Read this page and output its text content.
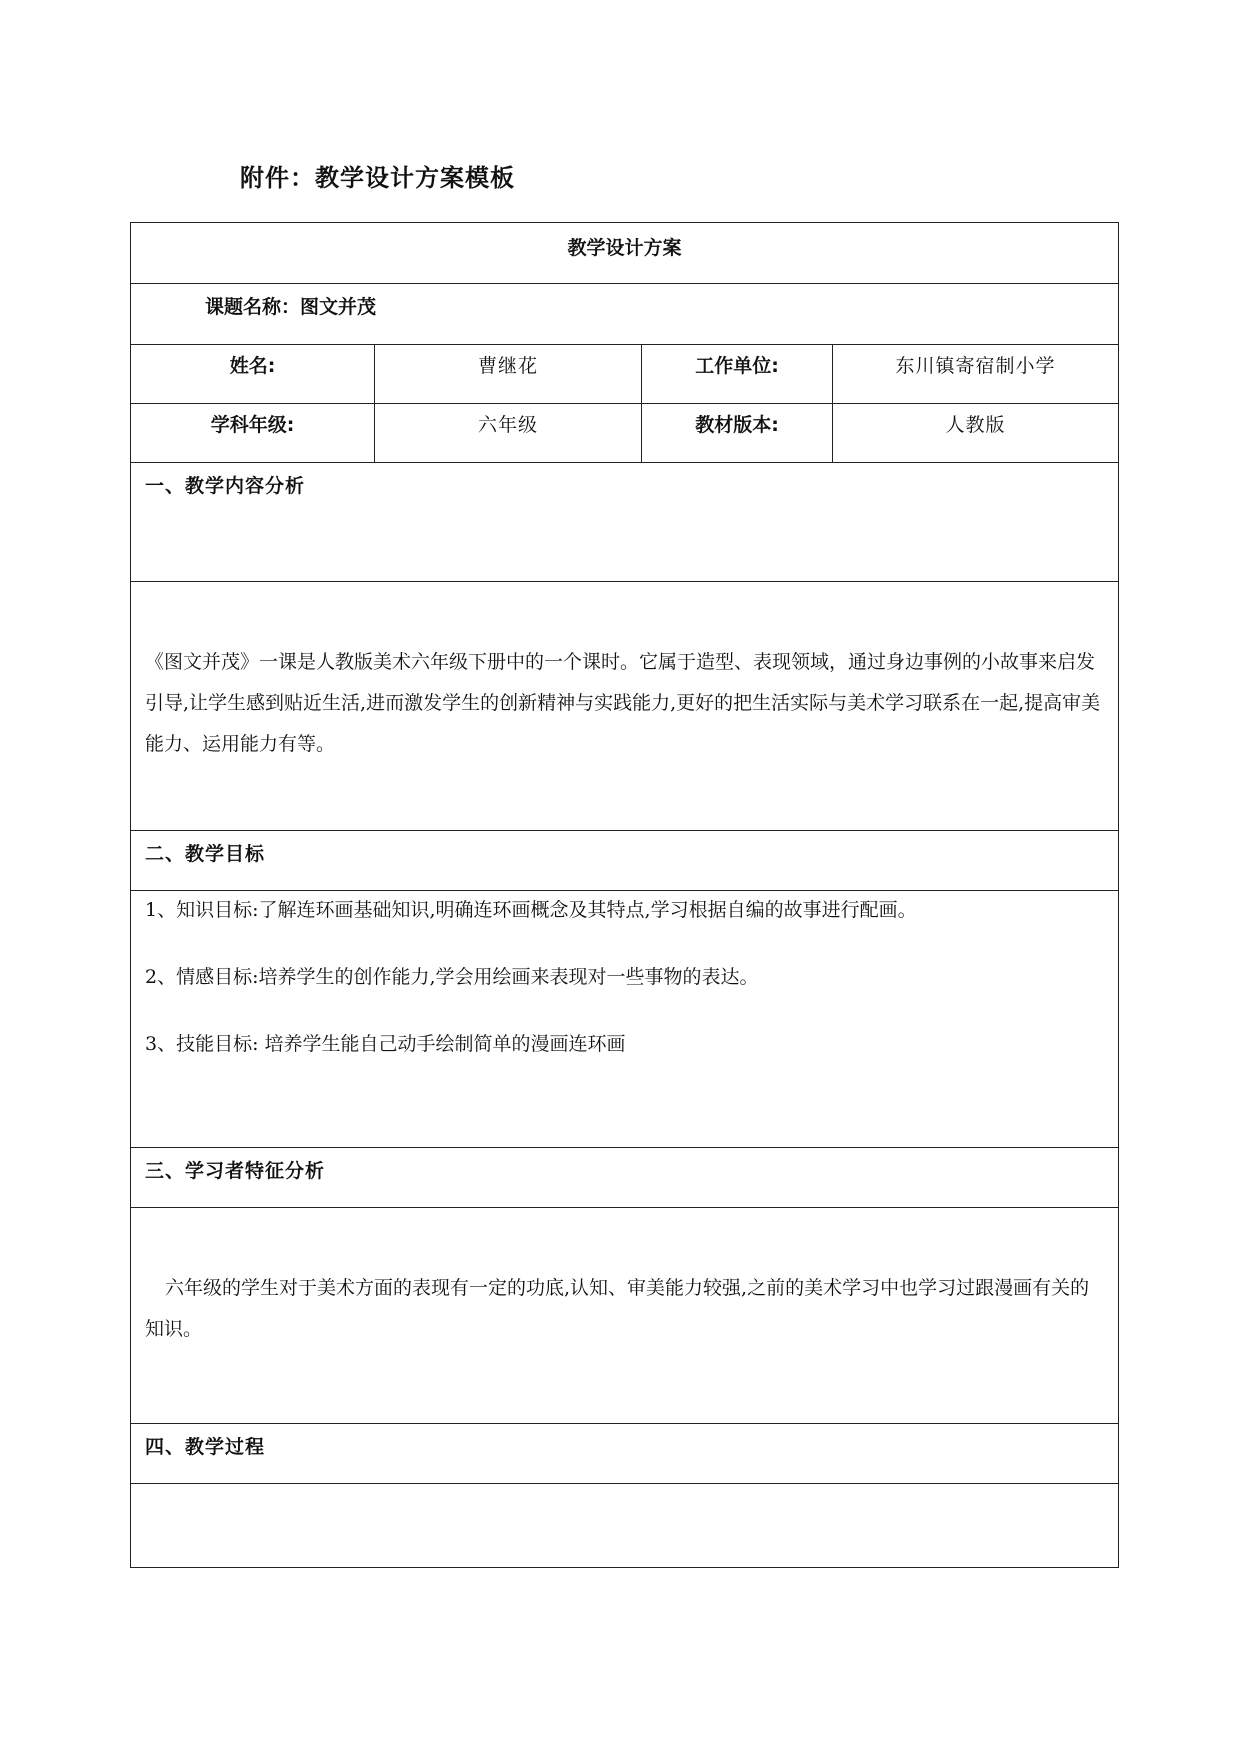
附件：教学设计方案模板
教学设计方案			
课题名称：图文并茂			
姓名:	曹继花	工作单位:	东川镇寄宿制小学
学科年级:	六年级	教材版本:	人教版
一、教学内容分析			

《图文并茂》一课是人教版美术六年级下册中的一个课时。它属于造型、表现领域，通过身边事例的小故事来启发引导,让学生感到贴近生活,进而激发学生的创新精神与实践能力,更好的把生活实际与美术学习联系在一起,提高审美能力、运用能力有等。			

二、教学目标			

1、知识目标:了解连环画基础知识,明确连环画概念及其特点,学习根据自编的故事进行配画。

2、情感目标:培养学生的创作能力,学会用绘画来表现对一些事物的表达。

3、技能目标: 培养学生能自己动手绘制简单的漫画连环画			

三、学习者特征分析			

六年级的学生对于美术方面的表现有一定的功底,认知、审美能力较强,之前的美术学习中也学习过跟漫画有关的知识。			

四、教学过程			
